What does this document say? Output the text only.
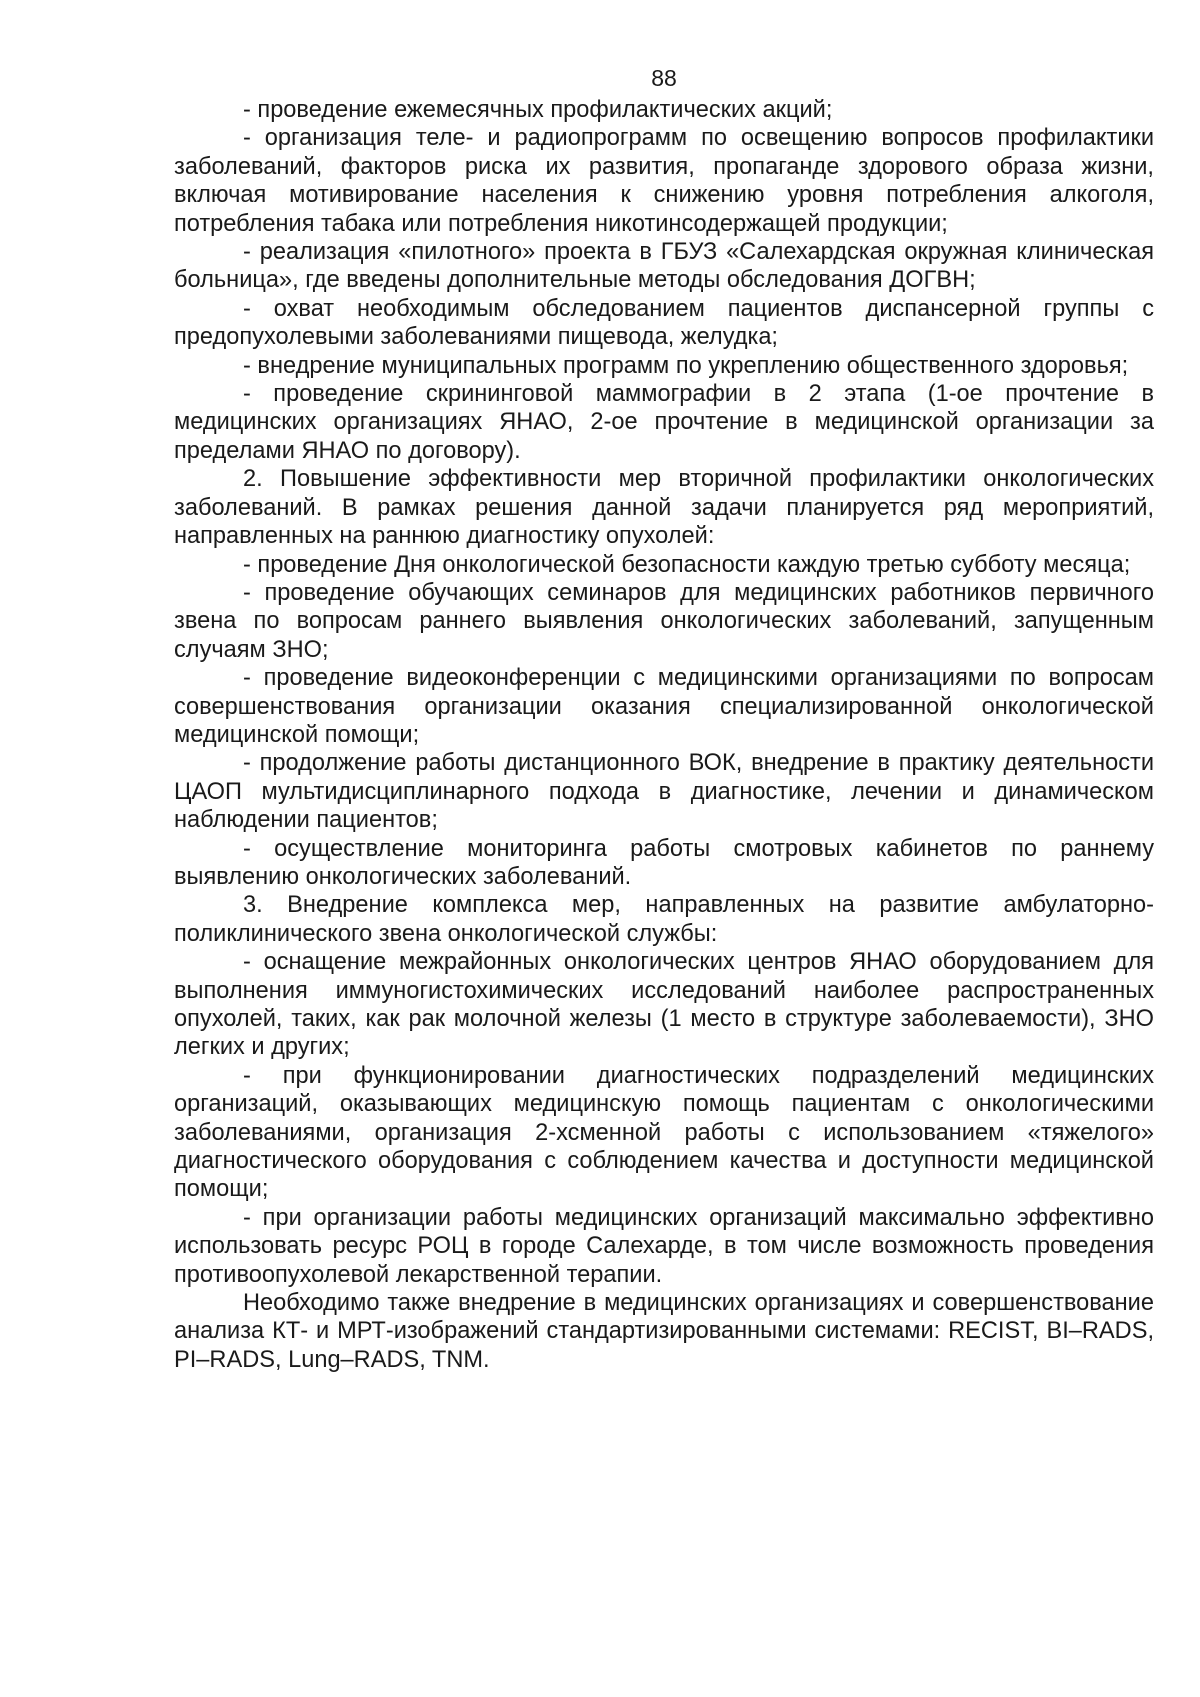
88

- проведение ежемесячных профилактических акций;

- организация теле- и радиопрограмм по освещению вопросов профилактики заболеваний, факторов риска их развития, пропаганде здорового образа жизни, включая мотивирование населения к снижению уровня потребления алкоголя, потребления табака или потребления никотинсодержащей продукции;

- реализация «пилотного» проекта в ГБУЗ «Салехардская окружная клиническая больница», где введены дополнительные методы обследования ДОГВН;

- охват необходимым обследованием пациентов диспансерной группы с предопухолевыми заболеваниями пищевода, желудка;

- внедрение муниципальных программ по укреплению общественного здоровья;

- проведение скрининговой маммографии в 2 этапа (1-ое прочтение в медицинских организациях ЯНАО, 2-ое прочтение в медицинской организации за пределами ЯНАО по договору).

2. Повышение эффективности мер вторичной профилактики онкологических заболеваний. В рамках решения данной задачи планируется ряд мероприятий, направленных на раннюю диагностику опухолей:

- проведение Дня онкологической безопасности каждую третью субботу месяца;

- проведение обучающих семинаров для медицинских работников первичного звена по вопросам раннего выявления онкологических заболеваний, запущенным случаям ЗНО;

- проведение видеоконференции с медицинскими организациями по вопросам совершенствования организации оказания специализированной онкологической медицинской помощи;

- продолжение работы дистанционного ВОК, внедрение в практику деятельности ЦАОП мультидисциплинарного подхода в диагностике, лечении и динамическом наблюдении пациентов;

- осуществление мониторинга работы смотровых кабинетов по раннему выявлению онкологических заболеваний.

3. Внедрение комплекса мер, направленных на развитие амбулаторно-поликлинического звена онкологической службы:

- оснащение межрайонных онкологических центров ЯНАО оборудованием для выполнения иммуногистохимических исследований наиболее распространенных опухолей, таких, как рак молочной железы (1 место в структуре заболеваемости), ЗНО легких и других;

- при функционировании диагностических подразделений медицинских организаций, оказывающих медицинскую помощь пациентам с онкологическими заболеваниями, организация 2-хсменной работы с использованием «тяжелого» диагностического оборудования с соблюдением качества и доступности медицинской помощи;

- при организации работы медицинских организаций максимально эффективно использовать ресурс РОЦ в городе Салехарде, в том числе возможность проведения противоопухолевой лекарственной терапии.

Необходимо также внедрение в медицинских организациях и совершенствование анализа КТ- и МРТ-изображений стандартизированными системами: RECIST, BI–RADS, PI–RADS, Lung–RADS, TNM.
